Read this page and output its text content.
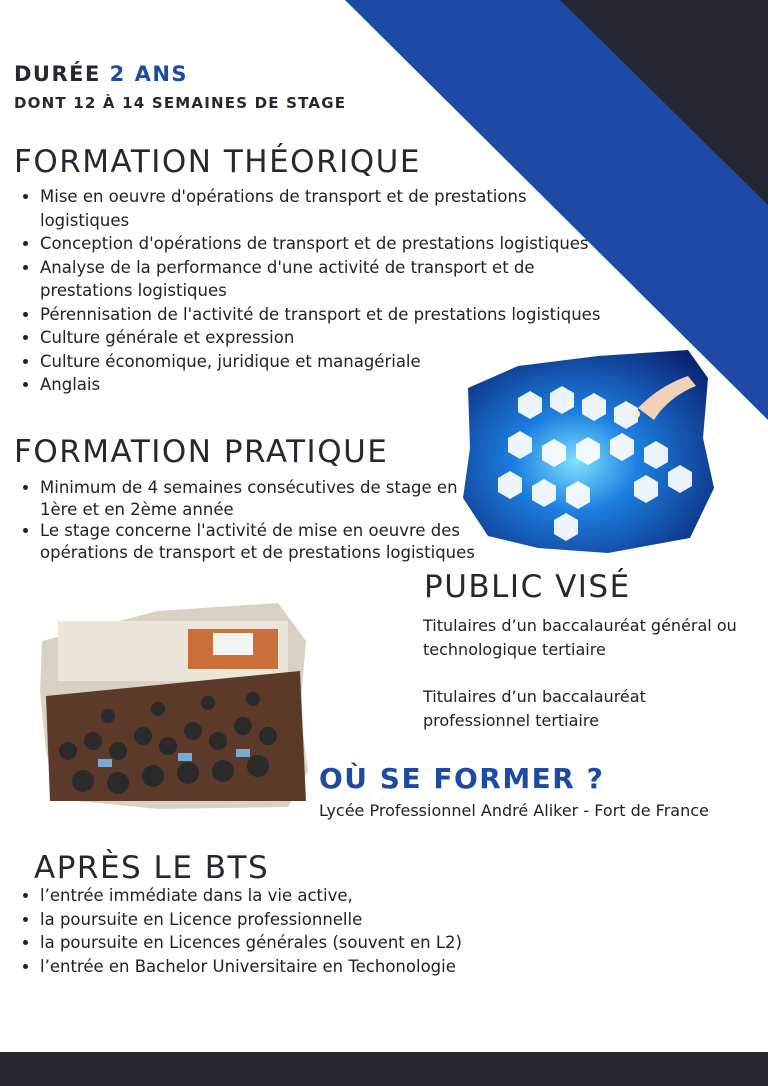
DURÉE 2 ANS

DONT 12 À 14 SEMAINES DE STAGE

FORMATION THÉORIQUE
• Mise en oeuvre d'opérations de transport et de prestations logistiques
• Conception d'opérations de transport et de prestations logistiques
• Analyse de la performance d'une activité de transport et de prestations logistiques
• Pérennisation de l'activité de transport et de prestations logistiques
• Culture générale et expression
• Culture économique, juridique et managériale
• Anglais
FORMATION PRATIQUE
• Minimum de 4 semaines consécutives de stage en 1ère et en 2ème année
• Le stage concerne l'activité de mise en oeuvre des opérations de transport et de prestations logistiques
PUBLIC VISÉ

Titulaires d’un baccalauréat général ou technologique tertiaire

Titulaires d’un baccalauréat professionnel tertiaire

OÙ SE FORMER ?

Lycée Professionnel André Aliker - Fort de France

APRÈS LE BTS
• l’entrée immédiate dans la vie active,
• la poursuite en Licence professionnelle
• la poursuite en Licences générales (souvent en L2)
• l’entrée en Bachelor Universitaire en Techonologie
